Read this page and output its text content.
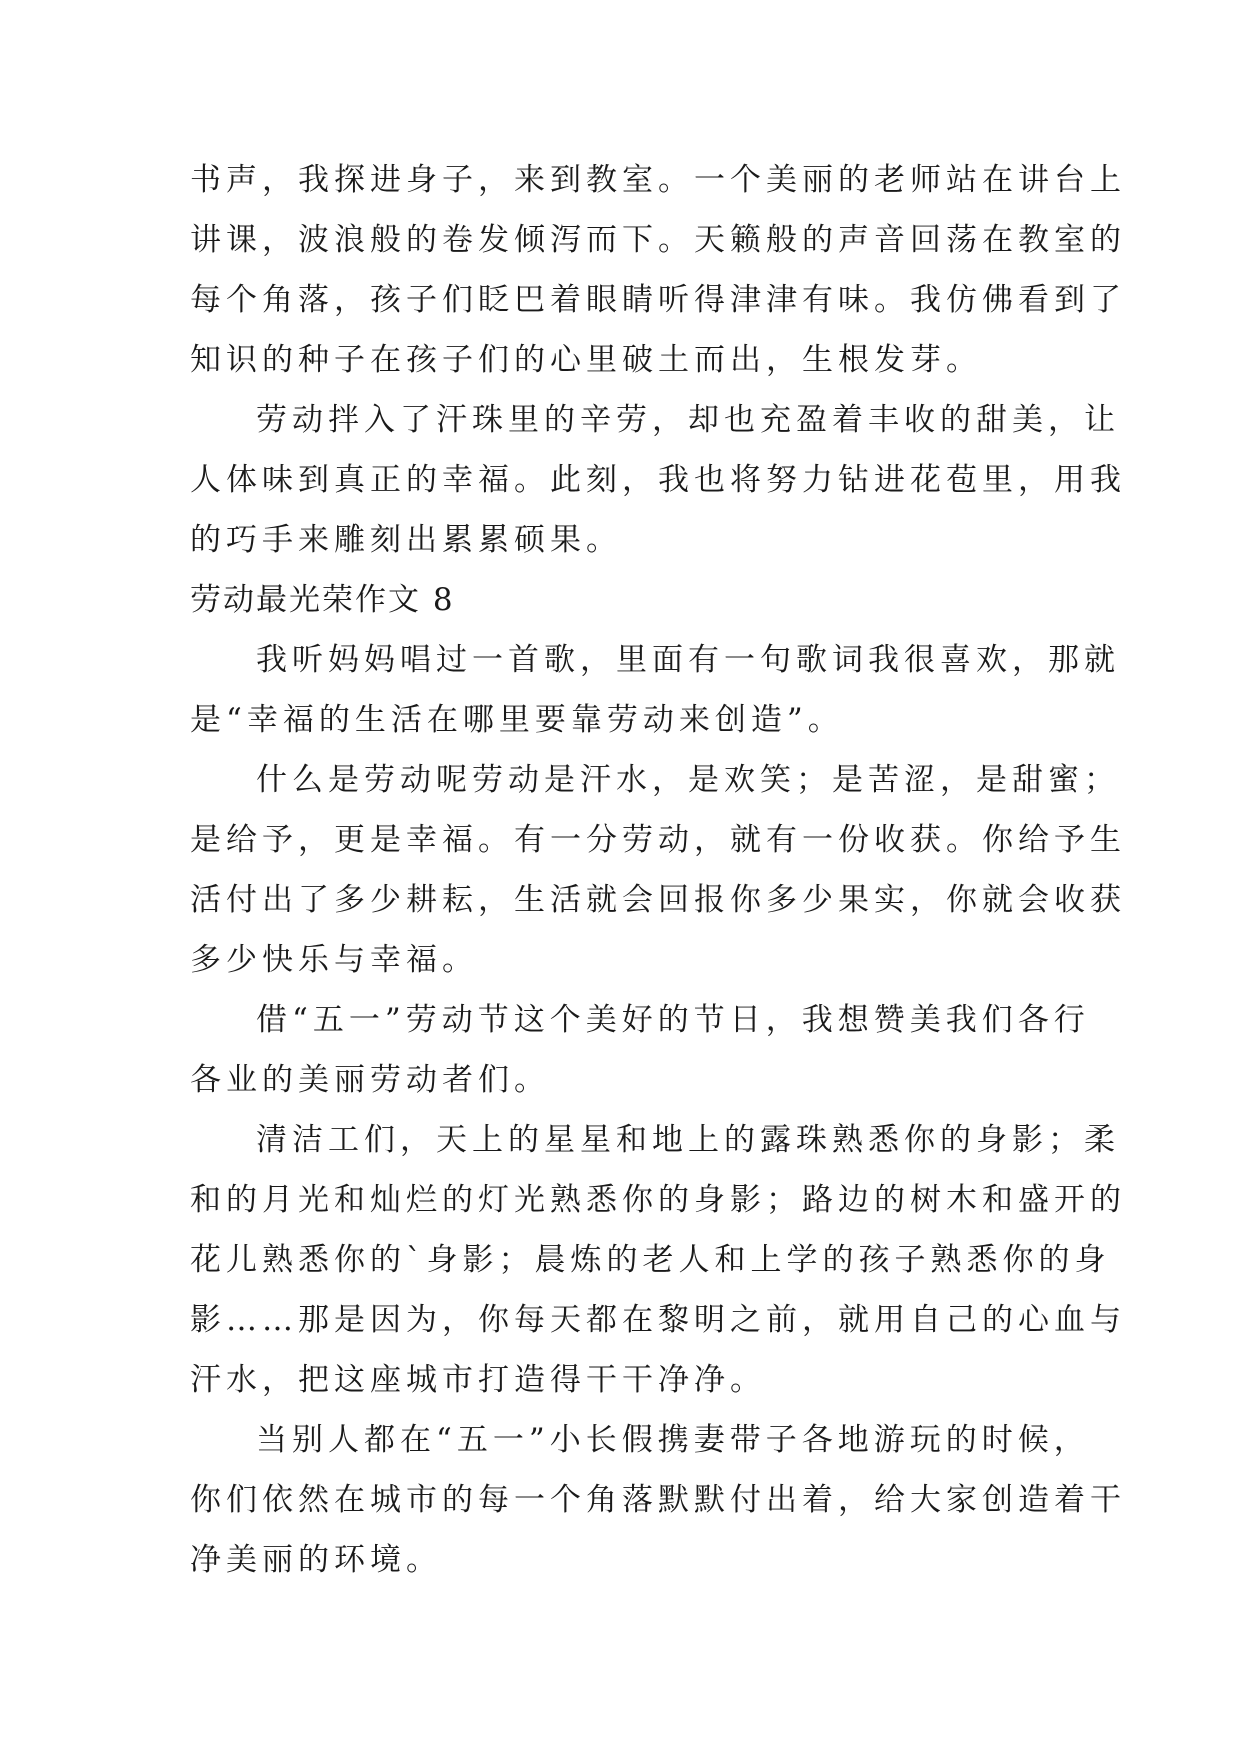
书声，我探进身子，来到教室。一个美丽的老师站在讲台上
讲课，波浪般的卷发倾泻而下。天籁般的声音回荡在教室的
每个角落，孩子们眨巴着眼睛听得津津有味。我仿佛看到了
知识的种子在孩子们的心里破土而出，生根发芽。
劳动拌入了汗珠里的辛劳，却也充盈着丰收的甜美，让
人体味到真正的幸福。此刻，我也将努力钻进花苞里，用我
的巧手来雕刻出累累硕果。
劳动最光荣作文 8
我听妈妈唱过一首歌，里面有一句歌词我很喜欢，那就
是“幸福的生活在哪里要靠劳动来创造”。
什么是劳动呢劳动是汗水，是欢笑；是苦涩，是甜蜜；
是给予，更是幸福。有一分劳动，就有一份收获。你给予生
活付出了多少耕耘，生活就会回报你多少果实，你就会收获
多少快乐与幸福。
借“五一”劳动节这个美好的节日，我想赞美我们各行
各业的美丽劳动者们。
清洁工们，天上的星星和地上的露珠熟悉你的身影；柔
和的月光和灿烂的灯光熟悉你的身影；路边的树木和盛开的
花儿熟悉你的`身影；晨炼的老人和上学的孩子熟悉你的身
影……那是因为，你每天都在黎明之前，就用自己的心血与
汗水，把这座城市打造得干干净净。
当别人都在“五一”小长假携妻带子各地游玩的时候，
你们依然在城市的每一个角落默默付出着，给大家创造着干
净美丽的环境。
